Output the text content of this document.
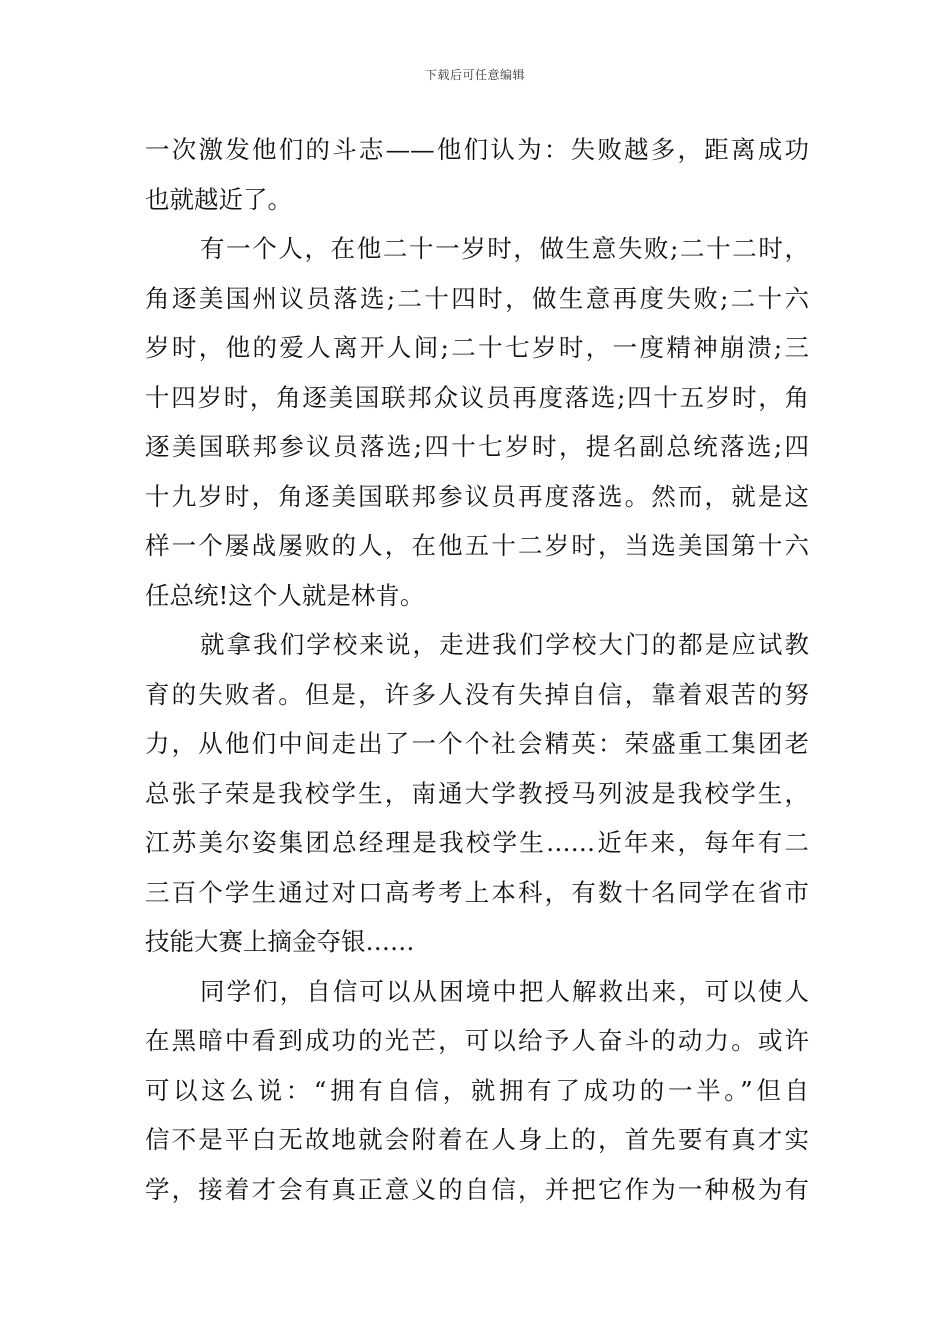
下载后可任意编辑
一次激发他们的斗志——他们认为：失败越多，距离成功
也就越近了。
有一个人，在他二十一岁时，做生意失败;二十二时，
角逐美国州议员落选;二十四时，做生意再度失败;二十六
岁时，他的爱人离开人间;二十七岁时，一度精神崩溃;三
十四岁时，角逐美国联邦众议员再度落选;四十五岁时，角
逐美国联邦参议员落选;四十七岁时，提名副总统落选;四
十九岁时，角逐美国联邦参议员再度落选。然而，就是这
样一个屡战屡败的人，在他五十二岁时，当选美国第十六
任总统!这个人就是林肯。
就拿我们学校来说，走进我们学校大门的都是应试教
育的失败者。但是，许多人没有失掉自信，靠着艰苦的努
力，从他们中间走出了一个个社会精英：荣盛重工集团老
总张子荣是我校学生，南通大学教授马列波是我校学生，
江苏美尔姿集团总经理是我校学生……近年来，每年有二
三百个学生通过对口高考考上本科，有数十名同学在省市
技能大赛上摘金夺银……
同学们，自信可以从困境中把人解救出来，可以使人
在黑暗中看到成功的光芒，可以给予人奋斗的动力。或许
可以这么说：“拥有自信，就拥有了成功的一半。”但自
信不是平白无故地就会附着在人身上的，首先要有真才实
学，接着才会有真正意义的自信，并把它作为一种极为有
